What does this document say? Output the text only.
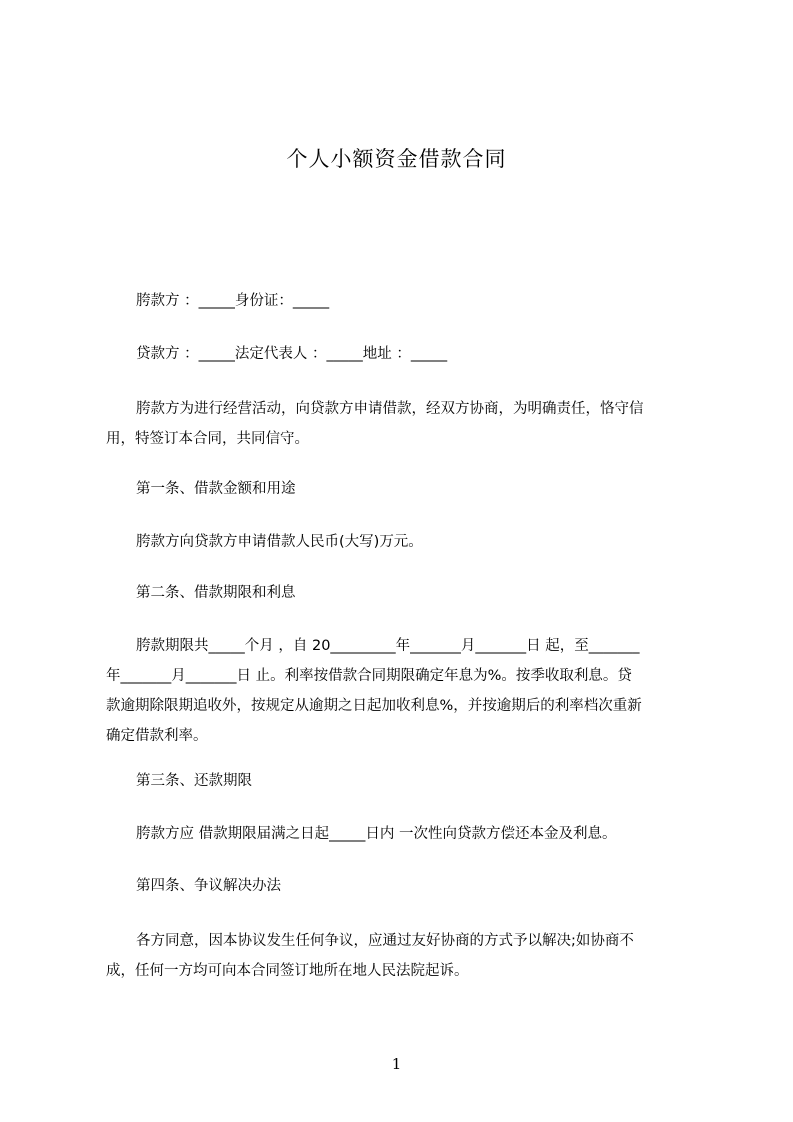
个人小额资金借款合同

胯款方 ：_____身份证：_____

贷款方 ：_____法定代表人 ：_____地址 ：_____

胯款方为进行经营活动，向贷款方申请借款，经双方协商，为明确责任，恪守信
用，特签订本合同，共同信守。

第一条、借款金额和用途

胯款方向贷款方申请借款人民币(大写)万元。

第二条、借款期限和利息

胯款期限共_____个月 ，自 20_________年_______月_______日 起，至_______
年_______月_______日 止。利率按借款合同期限确定年息为%。按季收取利息。贷
款逾期除限期追收外，按规定从逾期之日起加收利息%，并按逾期后的利率档次重新
确定借款利率。

第三条、还款期限

胯款方应 借款期限届满之日起_____日内 一次性向贷款方偿还本金及利息。

第四条、争议解决办法

各方同意，因本协议发生任何争议，应通过友好协商的方式予以解决;如协商不
成，任何一方均可向本合同签订地所在地人民法院起诉。
1
